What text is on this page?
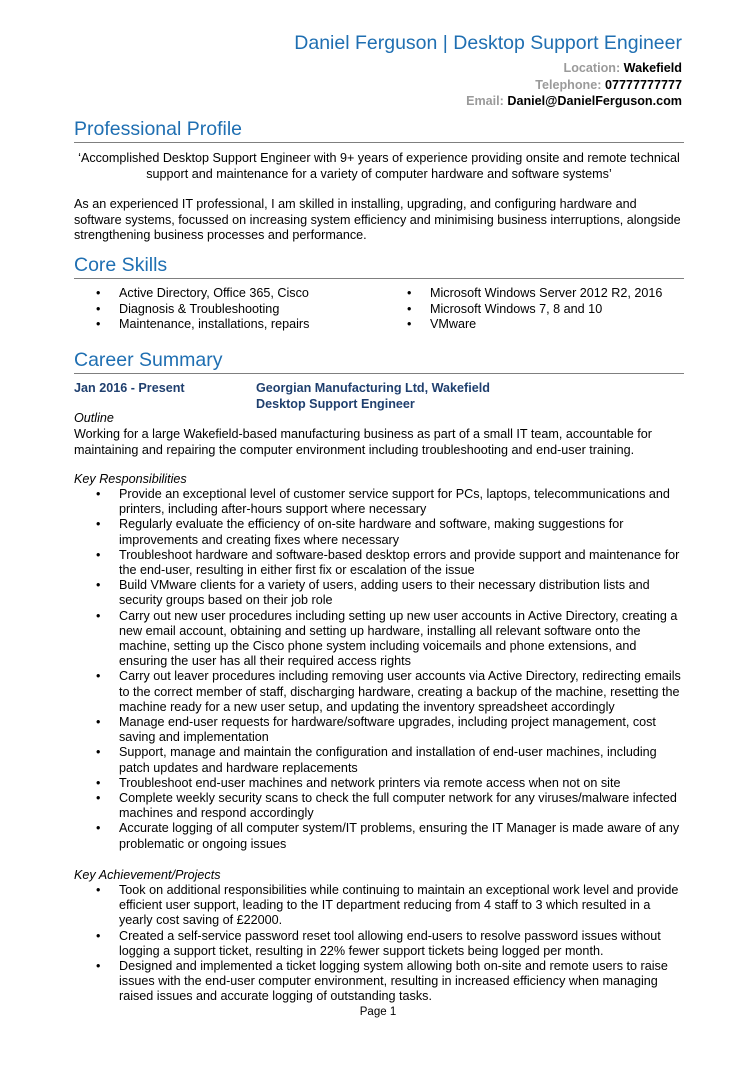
Daniel Ferguson | Desktop Support Engineer
Location: Wakefield
Telephone: 07777777777
Email: Daniel@DanielFerguson.com
Professional Profile
‘Accomplished Desktop Support Engineer with 9+ years of experience providing onsite and remote technical support and maintenance for a variety of computer hardware and software systems’
As an experienced IT professional, I am skilled in installing, upgrading, and configuring hardware and software systems, focussed on increasing system efficiency and minimising business interruptions, alongside strengthening business processes and performance.
Core Skills
• Active Directory, Office 365, Cisco
• Diagnosis & Troubleshooting
• Maintenance, installations, repairs
• Microsoft Windows Server 2012 R2, 2016
• Microsoft Windows 7, 8 and 10
• VMware
Career Summary
Jan 2016 - Present	Georgian Manufacturing Ltd, Wakefield
Desktop Support Engineer
Outline
Working for a large Wakefield-based manufacturing business as part of a small IT team, accountable for maintaining and repairing the computer environment including troubleshooting and end-user training.
Key Responsibilities
• Provide an exceptional level of customer service support for PCs, laptops, telecommunications and printers, including after-hours support where necessary
• Regularly evaluate the efficiency of on-site hardware and software, making suggestions for improvements and creating fixes where necessary
• Troubleshoot hardware and software-based desktop errors and provide support and maintenance for the end-user, resulting in either first fix or escalation of the issue
• Build VMware clients for a variety of users, adding users to their necessary distribution lists and security groups based on their job role
• Carry out new user procedures including setting up new user accounts in Active Directory, creating a new email account, obtaining and setting up hardware, installing all relevant software onto the machine, setting up the Cisco phone system including voicemails and phone extensions, and ensuring the user has all their required access rights
• Carry out leaver procedures including removing user accounts via Active Directory, redirecting emails to the correct member of staff, discharging hardware, creating a backup of the machine, resetting the machine ready for a new user setup, and updating the inventory spreadsheet accordingly
• Manage end-user requests for hardware/software upgrades, including project management, cost saving and implementation
• Support, manage and maintain the configuration and installation of end-user machines, including patch updates and hardware replacements
• Troubleshoot end-user machines and network printers via remote access when not on site
• Complete weekly security scans to check the full computer network for any viruses/malware infected machines and respond accordingly
• Accurate logging of all computer system/IT problems, ensuring the IT Manager is made aware of any problematic or ongoing issues
Key Achievement/Projects
• Took on additional responsibilities while continuing to maintain an exceptional work level and provide efficient user support, leading to the IT department reducing from 4 staff to 3 which resulted in a yearly cost saving of £22000.
• Created a self-service password reset tool allowing end-users to resolve password issues without logging a support ticket, resulting in 22% fewer support tickets being logged per month.
• Designed and implemented a ticket logging system allowing both on-site and remote users to raise issues with the end-user computer environment, resulting in increased efficiency when managing raised issues and accurate logging of outstanding tasks.
Page 1
